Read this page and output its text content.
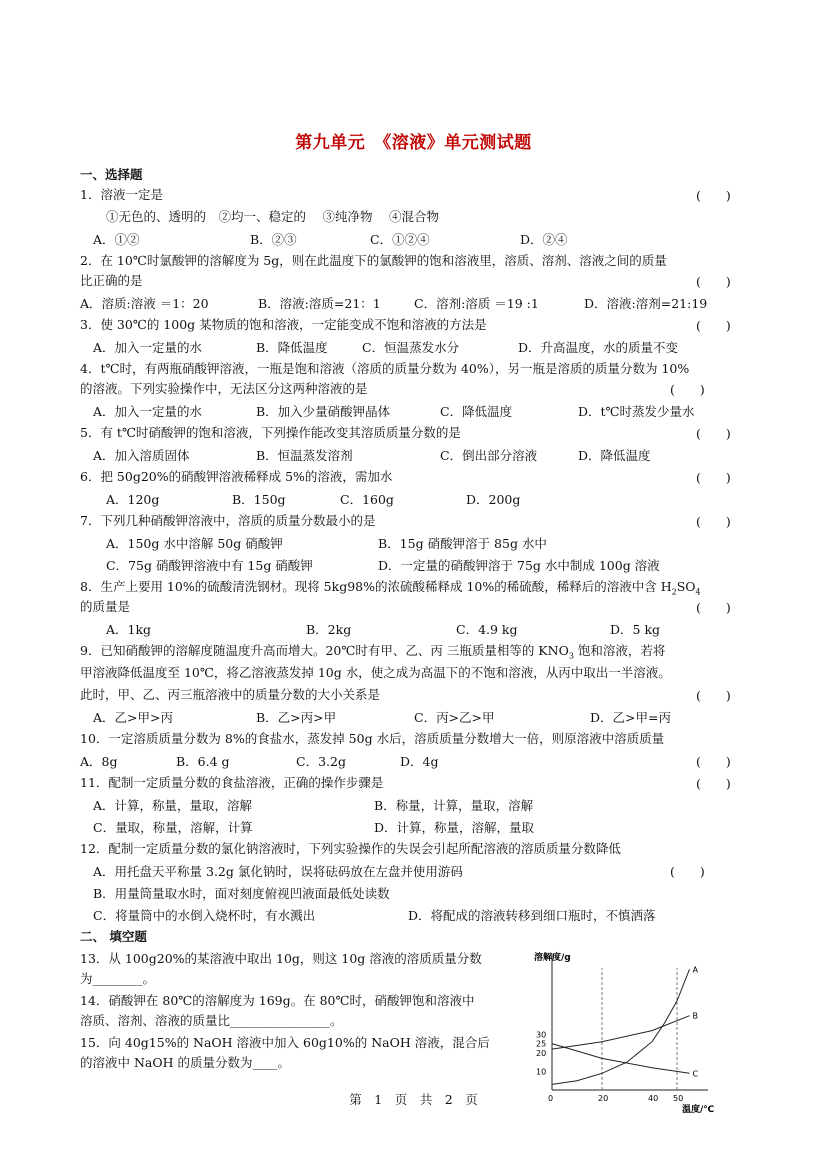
第九单元　《溶液》单元测试题
一、选择题
1．溶液一定是	(　　)
①无色的、透明的　②均一、稳定的　 ③纯净物　 ④混合物
A．①②	B．②③	C．①②④	D．②④
2．在 10℃时氯酸钾的溶解度为 5g，则在此温度下的氯酸钾的饱和溶液里，溶质、溶剂、溶液之间的质量
比正确的是	(　　)
A．溶质:溶液 ＝1：20	B．溶液:溶质=21：1	C．溶剂:溶质 ＝19 :1	D．溶液:溶剂=21:19
3．使 30℃的 100g 某物质的饱和溶液，一定能变成不饱和溶液的方法是	(　　)
A．加入一定量的水	B．降低温度	C．恒温蒸发水分	D．升高温度，水的质量不变
4．t℃时，有两瓶硝酸钾溶液，一瓶是饱和溶液（溶质的质量分数为 40%），另一瓶是溶质的质量分数为 10%
的溶液。下列实验操作中，无法区分这两种溶液的是	(　　)
A．加入一定量的水	B．加入少量硝酸钾晶体	C．降低温度	D．t℃时蒸发少量水
5．有 t℃时硝酸钾的饱和溶液，下列操作能改变其溶质质量分数的是	(　　)
A．加入溶质固体	B．恒温蒸发溶剂	C．倒出部分溶液	D．降低温度
6．把 50g20%的硝酸钾溶液稀释成 5%的溶液，需加水	(　　)
A．120g	B．150g	C．160g	D．200g
7．下列几种硝酸钾溶液中，溶质的质量分数最小的是	(　　)
A．150g 水中溶解 50g 硝酸钾	B．15g 硝酸钾溶于 85g 水中
C．75g 硝酸钾溶液中有 15g 硝酸钾	D．一定量的硝酸钾溶于 75g 水中制成 100g 溶液
8．生产上要用 10%的硫酸清洗钢材。现将 5kg98%的浓硫酸稀释成 10%的稀硫酸，稀释后的溶液中含 $H_2SO_4$
的质量是	(　　)
A．1kg	B．2kg	C．4.9 kg	D．5 kg
9．已知硝酸钾的溶解度随温度升高而增大。20℃时有甲、乙、丙 三瓶质量相等的 $KNO_3$ 饱和溶液，若将
甲溶液降低温度至 10℃，将乙溶液蒸发掉 10g 水，使之成为高温下的不饱和溶液，从丙中取出一半溶液。
此时，甲、乙、丙三瓶溶液中的质量分数的大小关系是	(　　)
A．乙>甲>丙	B．乙>丙>甲	C．丙>乙>甲	D．乙>甲=丙
10．一定溶质质量分数为 8%的食盐水，蒸发掉 50g 水后，溶质质量分数增大一倍，则原溶液中溶质质量
A．8g	B．6.4 g	C．3.2g	D．4g	(　　)
11．配制一定质量分数的食盐溶液，正确的操作步骤是	(　　)
A．计算，称量，量取，溶解	B．称量，计算，量取，溶解
C．量取，称量，溶解，计算	D．计算，称量，溶解，量取
12．配制一定质量分数的氯化钠溶液时，下列实验操作的失误会引起所配溶液的溶质质量分数降低
A．用托盘天平称量 3.2g 氯化钠时，误将砝码放在左盘并使用游码	(　　)
B．用量筒量取水时，面对刻度俯视凹液面最低处读数
C．将量筒中的水倒入烧杯时，有水溅出	D．将配成的溶液转移到细口瓶时，不慎洒落
二、 填空题
13．从 100g20%的某溶液中取出 10g，则这 10g 溶液的溶质质量分数
为________。
14．硝酸钾在 80℃的溶解度为 169g。在 80℃时，硝酸钾饱和溶液中
溶质、溶剂、溶液的质量比________________。
15．向 40g15%的 NaOH 溶液中加入 60g10%的 NaOH 溶液，混合后
的溶液中 NaOH 的质量分数为____。
溶解度/g
温度/℃
0	20	40 50
10
20
25
30
A
B
C
第　1　页　共　2　页
